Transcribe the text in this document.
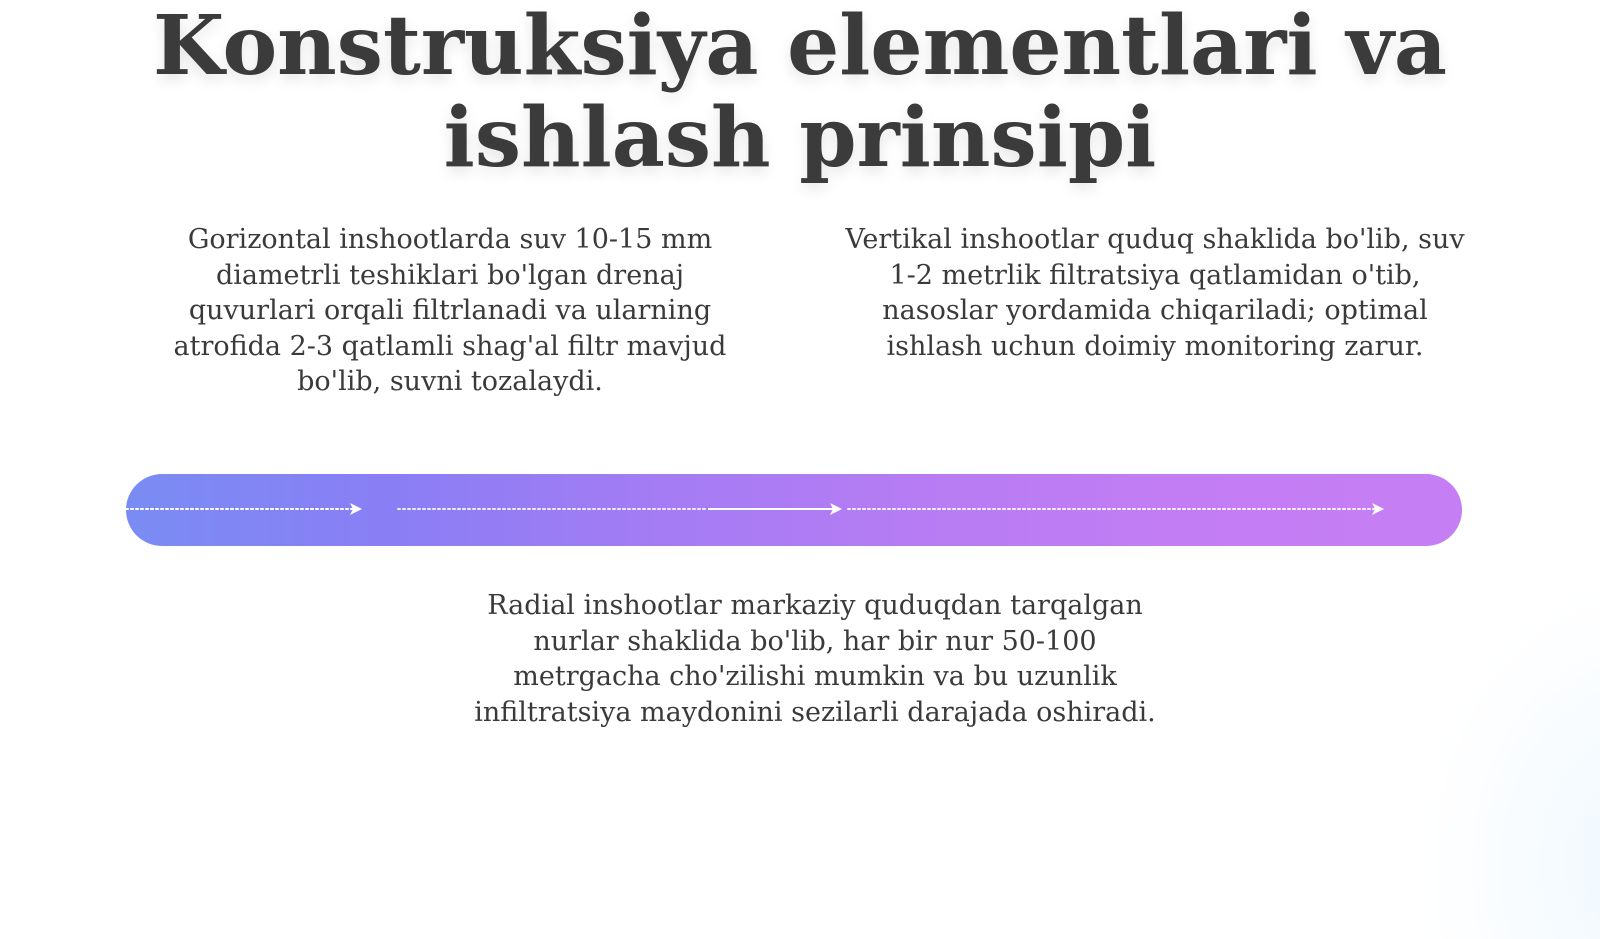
Konstruksiya elementlari va ishlash prinsipi

Gorizontal inshootlarda suv 10-15 mm diametrli teshiklari bo'lgan drenaj quvurlari orqali filtrlanadi va ularning atrofida 2-3 qatlamli shag'al filtr mavjud bo'lib, suvni tozalaydi.

Vertikal inshootlar quduq shaklida bo'lib, suv 1-2 metrlik filtratsiya qatlamidan o'tib, nasoslar yordamida chiqariladi; optimal ishlash uchun doimiy monitoring zarur.

Radial inshootlar markaziy quduqdan tarqalgan nurlar shaklida bo'lib, har bir nur 50-100 metrgacha cho'zilishi mumkin va bu uzunlik infiltratsiya maydonini sezilarli darajada oshiradi.
